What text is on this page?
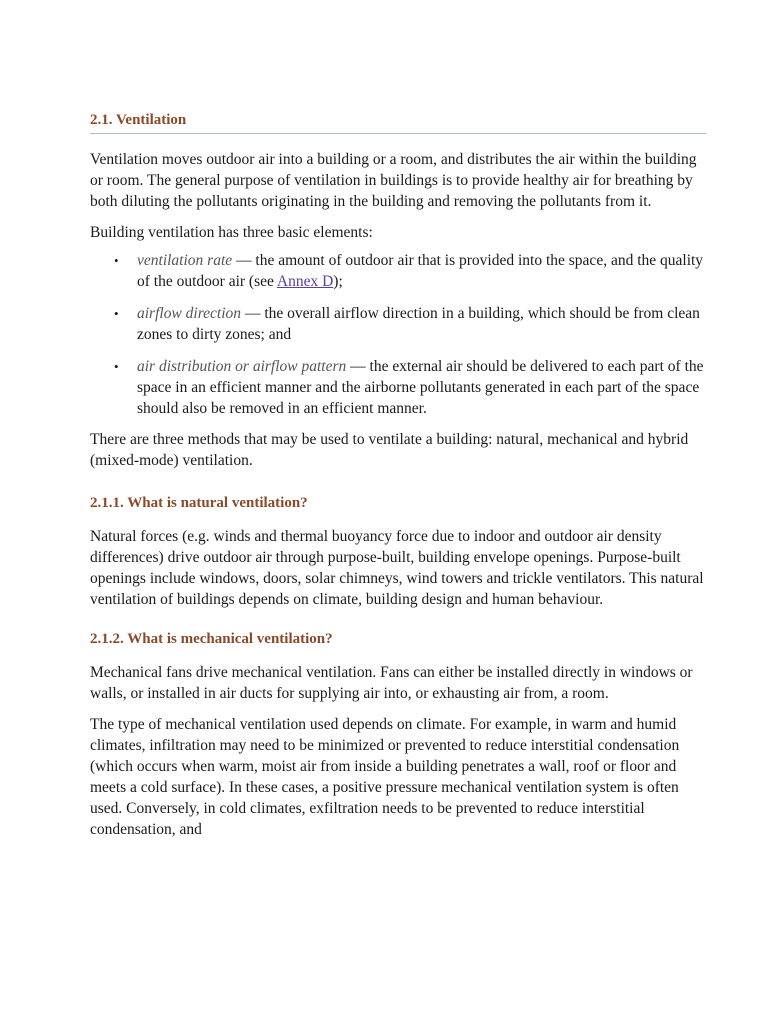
2.1. Ventilation

Ventilation moves outdoor air into a building or a room, and distributes the air within the building or room. The general purpose of ventilation in buildings is to provide healthy air for breathing by both diluting the pollutants originating in the building and removing the pollutants from it.

Building ventilation has three basic elements:

• ventilation rate — the amount of outdoor air that is provided into the space, and the quality of the outdoor air (see Annex D);
• airflow direction — the overall airflow direction in a building, which should be from clean zones to dirty zones; and
• air distribution or airflow pattern — the external air should be delivered to each part of the space in an efficient manner and the airborne pollutants generated in each part of the space should also be removed in an efficient manner.

There are three methods that may be used to ventilate a building: natural, mechanical and hybrid (mixed-mode) ventilation.

2.1.1. What is natural ventilation?

Natural forces (e.g. winds and thermal buoyancy force due to indoor and outdoor air density differences) drive outdoor air through purpose-built, building envelope openings. Purpose-built openings include windows, doors, solar chimneys, wind towers and trickle ventilators. This natural ventilation of buildings depends on climate, building design and human behaviour.

2.1.2. What is mechanical ventilation?

Mechanical fans drive mechanical ventilation. Fans can either be installed directly in windows or walls, or installed in air ducts for supplying air into, or exhausting air from, a room.

The type of mechanical ventilation used depends on climate. For example, in warm and humid climates, infiltration may need to be minimized or prevented to reduce interstitial condensation (which occurs when warm, moist air from inside a building penetrates a wall, roof or floor and meets a cold surface). In these cases, a positive pressure mechanical ventilation system is often used. Conversely, in cold climates, exfiltration needs to be prevented to reduce interstitial condensation, and
